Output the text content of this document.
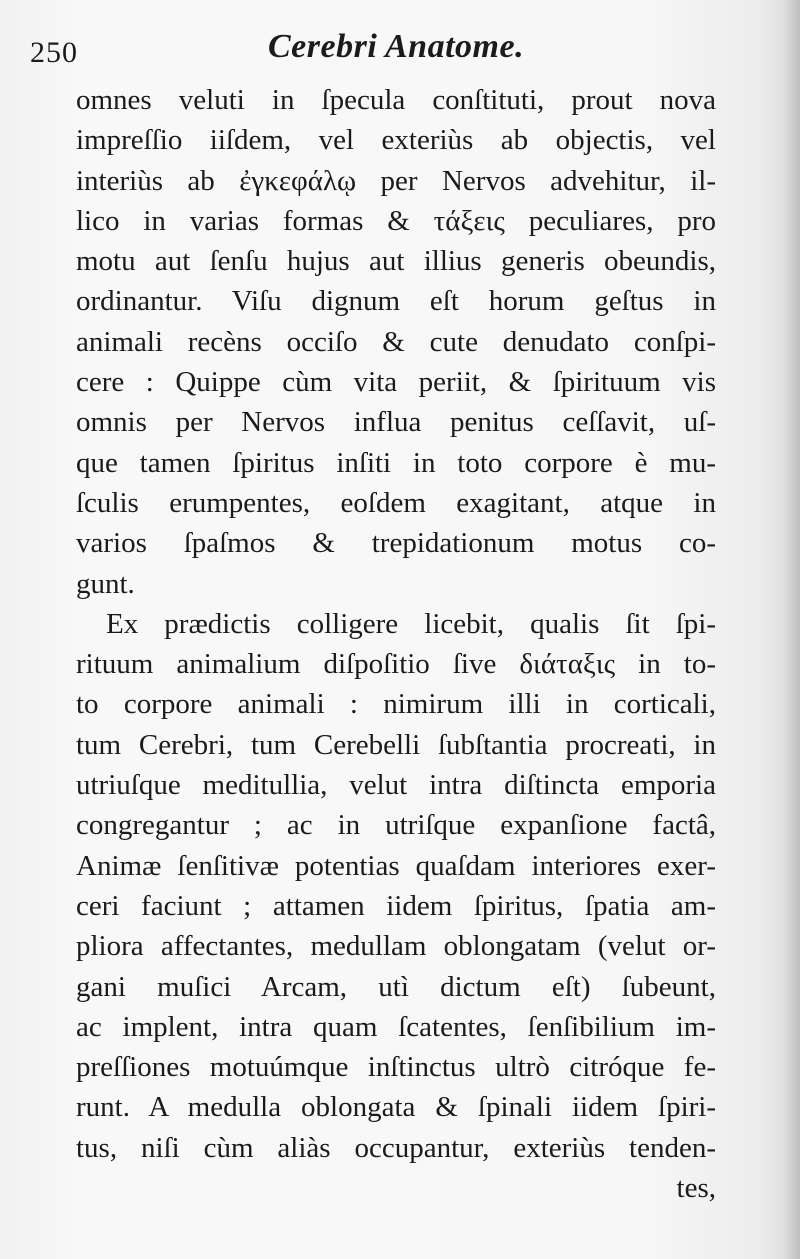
250	Cerebri Anatome.
omnes veluti in ſpecula conſtituti, prout nova
impreſſio iiſdem, vel exteriùs ab objectis, vel
interiùs ab ἐγκεφάλῳ per Nervos advehitur, il-
lico in varias formas & τάξεις peculiares, pro
motu aut ſenſu hujus aut illius generis obeundis,
ordinantur. Viſu dignum eſt horum geſtus in
animali recèns occiſo & cute denudato conſpi-
cere : Quippe cùm vita periit, & ſpirituum vis
omnis per Nervos influa penitus ceſſavit, uſ-
que tamen ſpiritus inſiti in toto corpore è mu-
ſculis erumpentes, eoſdem exagitant, atque in
varios ſpaſmos & trepidationum motus co-
gunt.
Ex prædictis colligere licebit, qualis ſit ſpi-
rituum animalium diſpoſitio ſive διάταξις in to-
to corpore animali : nimirum illi in corticali,
tum Cerebri, tum Cerebelli ſubſtantia procreati, in
utriuſque meditullia, velut intra diſtincta emporia
congregantur ; ac in utriſque expanſione factâ,
Animæ ſenſitivæ potentias quaſdam interiores exer-
ceri faciunt ; attamen iidem ſpiritus, ſpatia am-
pliora affectantes, medullam oblongatam (velut or-
gani muſici Arcam, utì dictum eſt) ſubeunt,
ac implent, intra quam ſcatentes, ſenſibilium im-
preſſiones motuúmque inſtinctus ultrò citróque fe-
runt. A medulla oblongata & ſpinali iidem ſpiri-
tus, niſi cùm aliàs occupantur, exteriùs tenden-
tes,
